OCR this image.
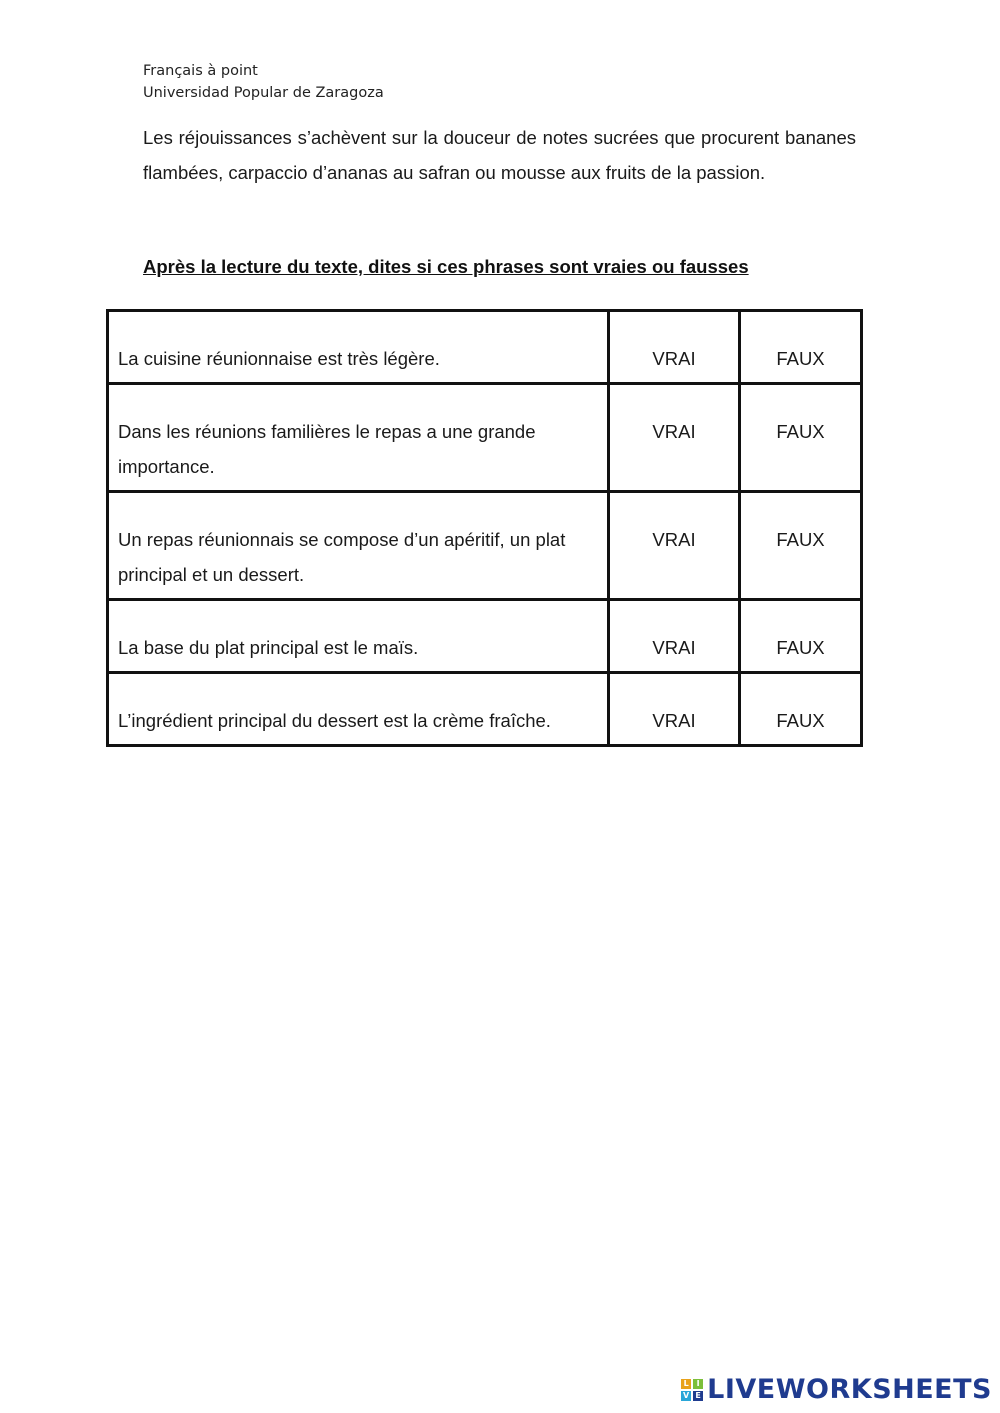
Français à point
Universidad Popular de Zaragoza
Les réjouissances s’achèvent sur la douceur de notes sucrées que procurent bananes flambées, carpaccio d’ananas au safran ou mousse aux fruits de la passion.
Après la lecture du texte, dites si ces phrases sont vraies ou fausses
La cuisine réunionnaise est très légère.	VRAI	FAUX

Dans les réunions familières le repas a une grande importance.	VRAI	FAUX

Un repas réunionnais se compose d’un apéritif, un plat principal et un dessert.	VRAI	FAUX
La base du plat principal est le maïs.	VRAI	FAUX
L’ingrédient principal du dessert est la crème fraîche.	VRAI	FAUX
L I
V E LIVEWORKSHEETS
